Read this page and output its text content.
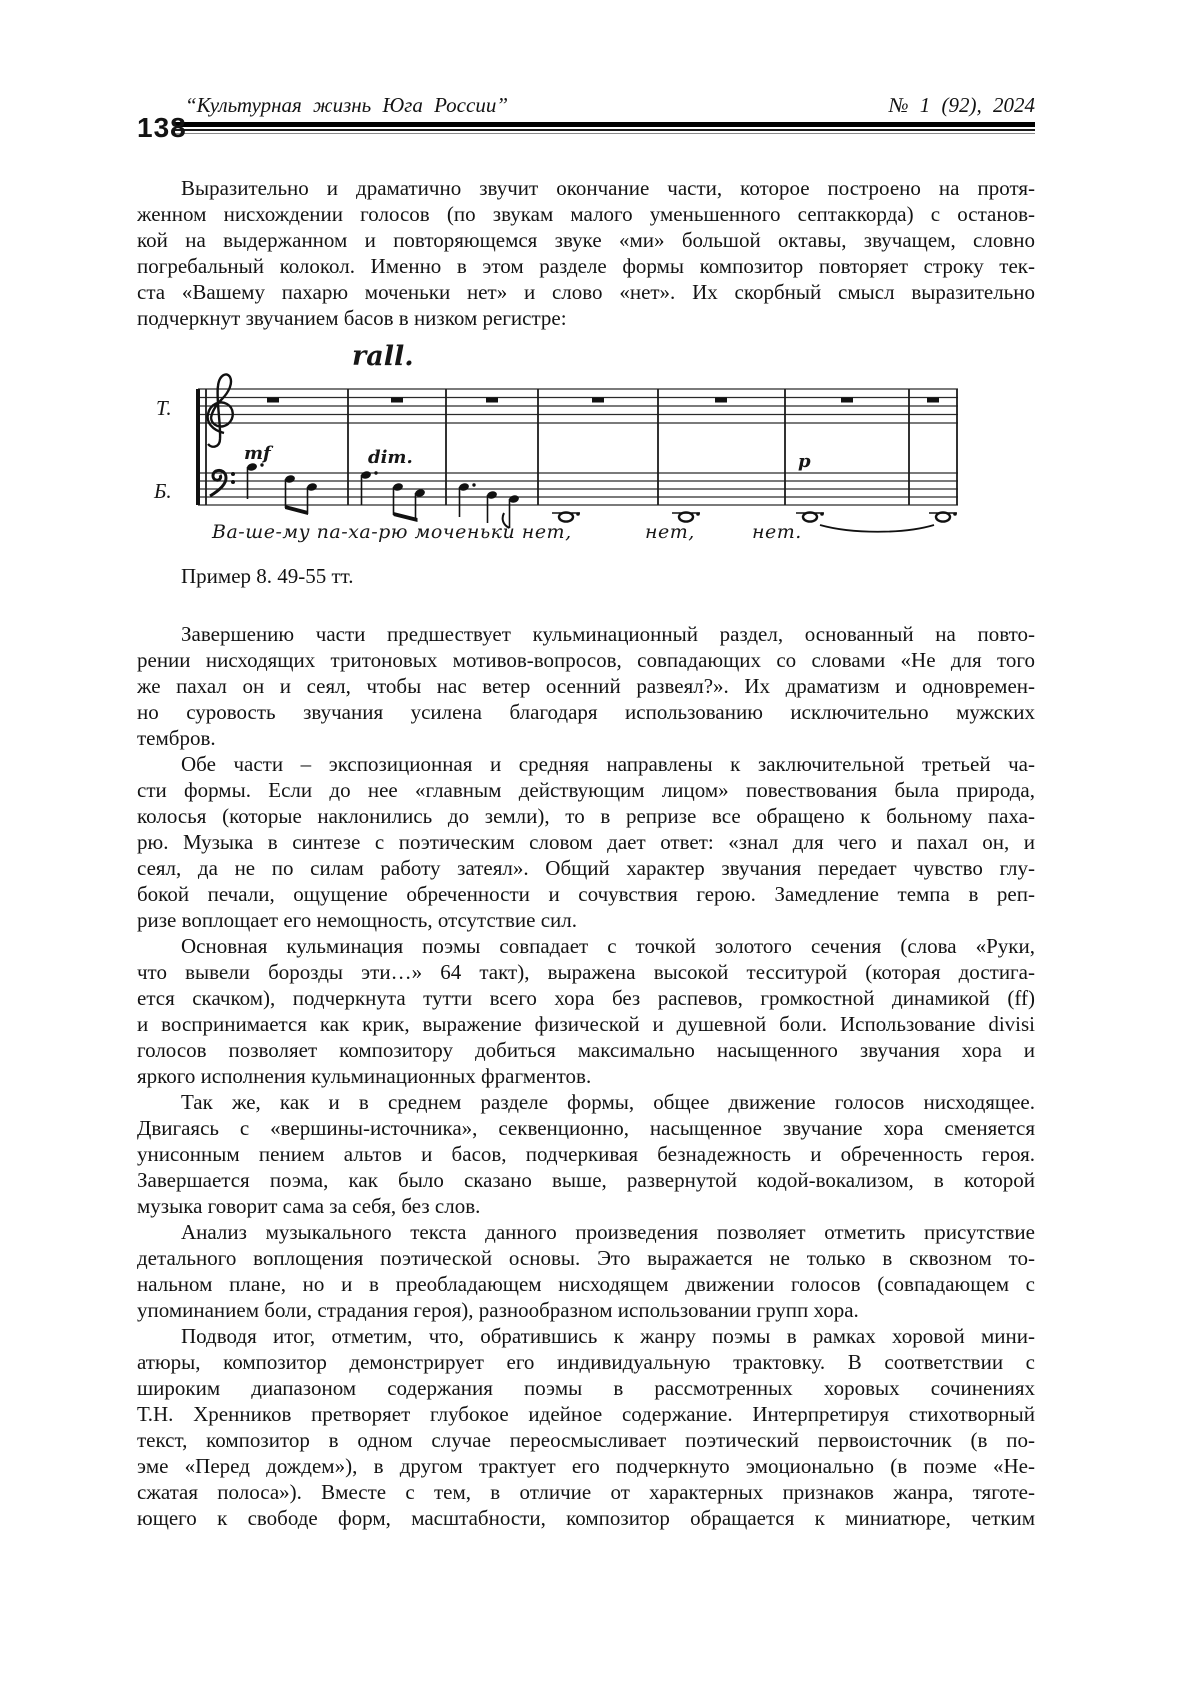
138
“Культурная жизнь Юга России”	№ 1 (92), 2024
Выразительно и драматично звучит окончание части, которое построено на протя-
женном нисхождении голосов (по звукам малого уменьшенного септаккорда) с останов-
кой на выдержанном и повторяющемся звуке «ми» большой октавы, звучащем, словно
погребальный колокол. Именно в этом разделе формы композитор повторяет строку тек-
ста «Вашему пахарю моченьки нет» и слово «нет». Их скорбный смысл выразительно
подчеркнут звучанием басов в низком регистре:
rall.
Т.
Б.
mf	dim.	p
Ва-ше-му па-ха-рю моченьки нет,	нет,	нет.
Пример 8. 49-55 тт.
Завершению части предшествует кульминационный раздел, основанный на повто-
рении нисходящих тритоновых мотивов-вопросов, совпадающих со словами «Не для того
же пахал он и сеял, чтобы нас ветер осенний развеял?». Их драматизм и одновремен-
но суровость звучания усилена благодаря использованию исключительно мужских
тембров.
Обе части – экспозиционная и средняя направлены к заключительной третьей ча-
сти формы. Если до нее «главным действующим лицом» повествования была природа,
колосья (которые наклонились до земли), то в репризе все обращено к больному паха-
рю. Музыка в синтезе с поэтическим словом дает ответ: «знал для чего и пахал он, и
сеял, да не по силам работу затеял». Общий характер звучания передает чувство глу-
бокой печали, ощущение обреченности и сочувствия герою. Замедление темпа в реп-
ризе воплощает его немощность, отсутствие сил.
Основная кульминация поэмы совпадает с точкой золотого сечения (слова «Руки,
что вывели борозды эти…» 64 такт), выражена высокой тесситурой (которая достига-
ется скачком), подчеркнута тутти всего хора без распевов, громкостной динамикой (ff)
и воспринимается как крик, выражение физической и душевной боли. Использование divisi
голосов позволяет композитору добиться максимально насыщенного звучания хора и
яркого исполнения кульминационных фрагментов.
Так же, как и в среднем разделе формы, общее движение голосов нисходящее.
Двигаясь с «вершины-источника», секвенционно, насыщенное звучание хора сменяется
унисонным пением альтов и басов, подчеркивая безнадежность и обреченность героя.
Завершается поэма, как было сказано выше, развернутой кодой-вокализом, в которой
музыка говорит сама за себя, без слов.
Анализ музыкального текста данного произведения позволяет отметить присутствие
детального воплощения поэтической основы. Это выражается не только в сквозном то-
нальном плане, но и в преобладающем нисходящем движении голосов (совпадающем с
упоминанием боли, страдания героя), разнообразном использовании групп хора.
Подводя итог, отметим, что, обратившись к жанру поэмы в рамках хоровой мини-
атюры, композитор демонстрирует его индивидуальную трактовку. В соответствии с
широким диапазоном содержания поэмы в рассмотренных хоровых сочинениях
Т.Н. Хренников претворяет глубокое идейное содержание. Интерпретируя стихотворный
текст, композитор в одном случае переосмысливает поэтический первоисточник (в по-
эме «Перед дождем»), в другом трактует его подчеркнуто эмоционально (в поэме «Не-
сжатая полоса»). Вместе с тем, в отличие от характерных признаков жанра, тяготе-
ющего к свободе форм, масштабности, композитор обращается к миниатюре, четким
